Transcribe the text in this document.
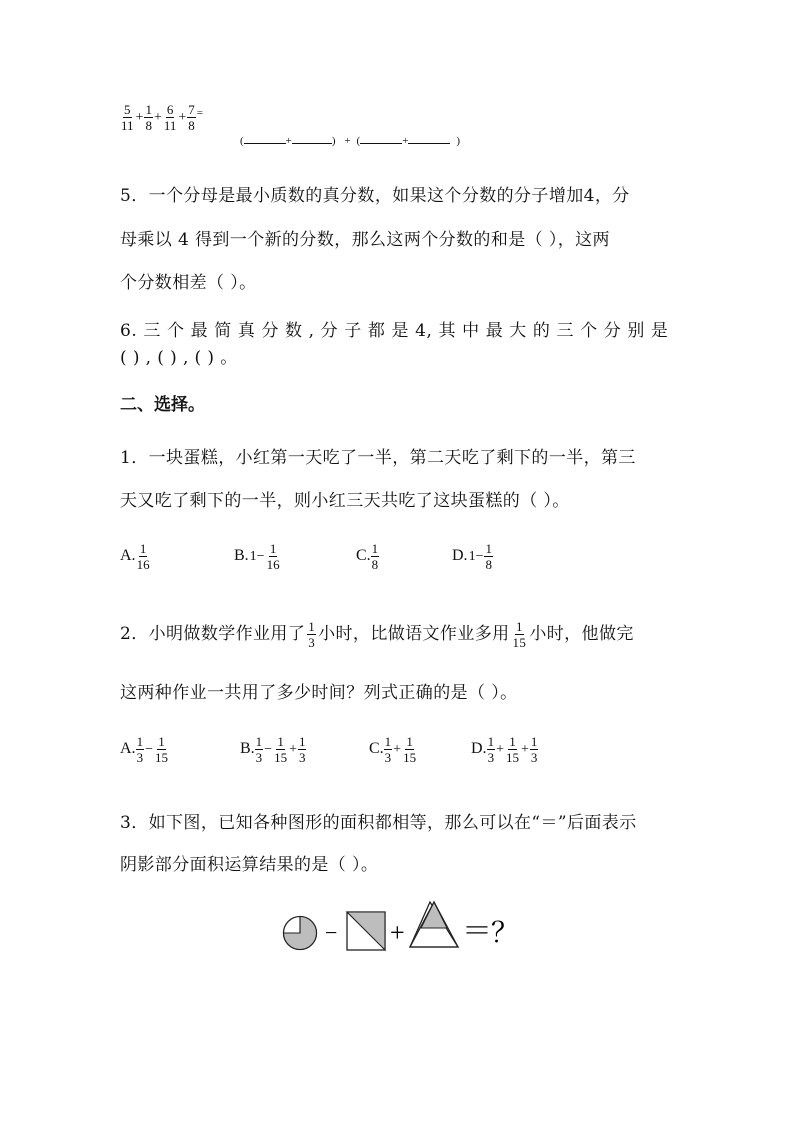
$\frac{5}{11} + \frac{1}{8} + \frac{6}{11} + \frac{7}{8} ^=$
(	+	) + (	+	)
5．一个分母是最小质数的真分数，如果这个分数的分子增加4，分
母乘以 4 得到一个新的分数，那么这两个分数的和是（ ），这两
个分数相差（ ）。
6. 三 个 最 简 真 分 数 , 分 子 都 是 4, 其 中 最 大 的 三 个 分 别 是
( ) , ( ) , ( ) 。
二、选择。
1．一块蛋糕，小红第一天吃了一半，第二天吃了剩下的一半，第三
天又吃了剩下的一半，则小红三天共吃了这块蛋糕的（ ）。
A. $\frac{1}{16}$	$B.1- \frac{1}{16}$	C. $\frac{1}{8}$	$D.1- \frac{1}{8}$
2．小明做数学作业用了 $\frac{1}{3}$ 小时，比做语文作业多用 $\frac{1}{15}$ 小时，他做完
这两种作业一共用了多少时间？列式正确的是（ ）。
A. $\frac{1}{3} - \frac{1}{15}$	B. $\frac{1}{3} - \frac{1}{15} + \frac{1}{3}$	C. $\frac{1}{3} + \frac{1}{15}$	D. $\frac{1}{3} + \frac{1}{15} + \frac{1}{3}$
3．如下图，已知各种图形的面积都相等，那么可以在“＝”后面表示
阴影部分面积运算结果的是（ ）。
− + ＝ ？
